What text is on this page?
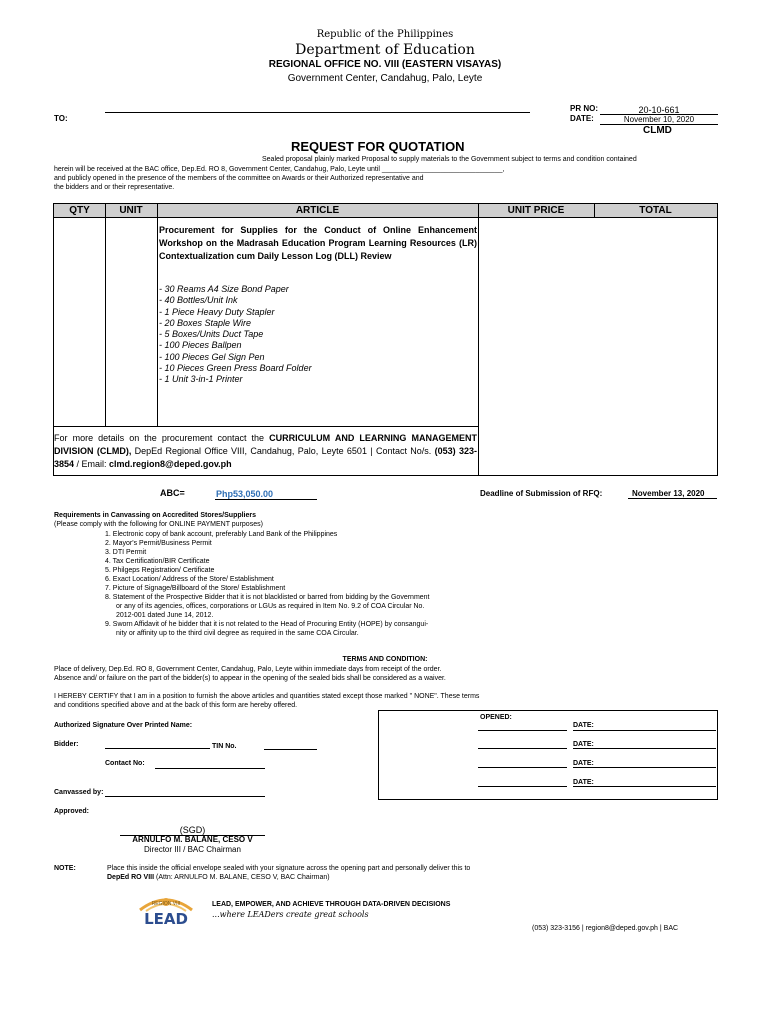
Republic of the Philippines
Department of Education
REGIONAL OFFICE NO. VIII (EASTERN VISAYAS)
Government Center, Candahug, Palo, Leyte
TO:
PR NO:	20-10-661
DATE:	November 10, 2020
CLMD
REQUEST FOR QUOTATION
Sealed proposal plainly marked Proposal to supply materials to the Government subject to terms and condition contained
herein will be received at the BAC office, Dep.Ed. RO 8, Government Center, Candahug, Palo, Leyte until _______________________________,
and publicly opened in the presence of the members of the committee on Awards or their Authorized representative and
the bidders and or their representative.
QTY	UNIT	ARTICLE	UNIT PRICE	TOTAL
Procurement for Supplies for the Conduct of Online Enhancement Workshop on the Madrasah Education Program Learning Resources (LR) Contextualization cum Daily Lesson Log (DLL) Review
- 30 Reams A4 Size Bond Paper
- 40 Bottles/Unit Ink
- 1 Piece Heavy Duty Stapler
- 20 Boxes Staple Wire
- 5 Boxes/Units Duct Tape
- 100 Pieces Ballpen
- 100 Pieces Gel Sign Pen
- 10 Pieces Green Press Board Folder
- 1 Unit 3-in-1 Printer
For more details on the procurement contact the CURRICULUM AND LEARNING MANAGEMENT DIVISION (CLMD), DepEd Regional Office VIII, Candahug, Palo, Leyte 6501 | Contact No/s. (053) 323-3854 / Email: clmd.region8@deped.gov.ph
ABC=	Php53,050.00	Deadline of Submission of RFQ:	November 13, 2020
Requirements in Canvassing on Accredited Stores/Suppliers
(Please comply with the following for ONLINE PAYMENT purposes)
1. Electronic copy of bank account, preferably Land Bank of the Philippines
2. Mayor's Permit/Business Permit
3. DTI Permit
4. Tax Certification/BIR Certificate
5. Philgeps Registration/ Certificate
6. Exact Location/ Address of the Store/ Establishment
7. Picture of Signage/Billboard of the Store/ Establishment
8. Statement of the Prospective Bidder that it is not blacklisted or barred from bidding by the Government
or any of its agencies, offices, corporations or LGUs as required in Item No. 9.2 of COA Circular No.
2012-001 dated June 14, 2012.
9. Sworn Affidavit of he bidder that it is not related to the Head of Procuring Entity (HOPE) by consangui-
nity or affinity up to the third civil degree as required in the same COA Circular.
TERMS AND CONDITION:
Place of delivery, Dep.Ed. RO 8, Government Center, Candahug, Palo, Leyte within immediate days from receipt of the order.
Absence and/ or failure on the part of the bidder(s) to appear in the opening of the sealed bids shall be considered as a waiver.
I HEREBY CERTIFY that I am in a position to furnish the above articles and quantities stated except those marked " NONE". These terms
and conditions specified above and at the back of this form are hereby offered.
OPENED:
DATE:
DATE:
DATE:
DATE:
Authorized Signature Over Printed Name:
Bidder:	TIN No.
Contact No:
Canvassed by:
Approved:
(SGD)
ARNULFO M. BALANE, CESO V
Director III / BAC Chairman
NOTE:	Place this inside the official envelope sealed with your signature across the opening part and personally deliver this to
DepEd RO VIII (Attn: ARNULFO M. BALANE, CESO V, BAC Chairman)
REGION VIII
LEAD
LEAD, EMPOWER, AND ACHIEVE THROUGH DATA-DRIVEN DECISIONS
...where LEADers create great schools
(053) 323-3156 | region8@deped.gov.ph | BAC
